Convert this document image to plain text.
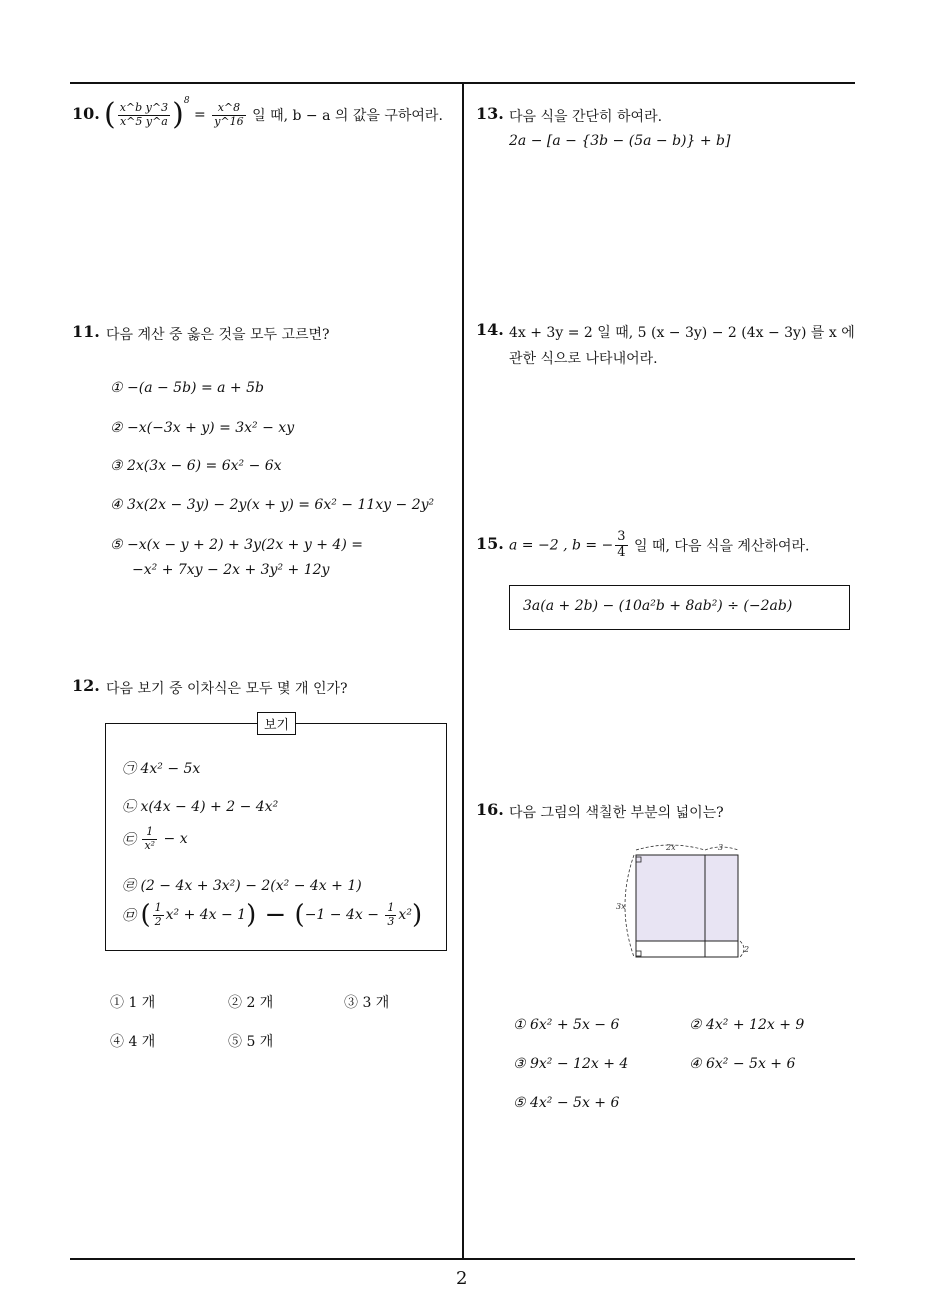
2
10. ( $\frac{\text{x\textasciicircum{}b y\textasciicircum{}3}}{x\^{}5 y\^{}a} )^8 = \frac{x\^{}8}{y\^{}16}$ 일 때, b − a 의 값을 구하여라.
11. 다음 계산 중 옳은 것을 모두 고르면?
① −(a − 5b) = a + 5b
② −x(−3x + y) = 3x² − xy
③ 2x(3x − 6) = 6x² − 6x
④ 3x(2x − 3y) − 2y(x + y) = 6x² − 11xy − 2y²
⑤ −x(x − y + 2) + 3y(2x + y + 4) =
−x² + 7xy − 2x + 3y² + 12y
12. 다음 보기 중 이차식은 모두 몇 개 인가?
보기
㉠ 4x² − 5x
㉡ x(4x − 4) + 2 − 4x²
㉢ $\frac{1}{\text{x²}} - x$
㉣ (2 − 4x + 3x²) − 2(x² − 4x + 1)
㉤ ( $\frac{1}{2} x^2 + 4x - 1) - (-1 - 4x - \frac{1}{3} x^2)$
① 1 개	② 2 개	③ 3 개
④ 4 개	⑤ 5 개
13. 다음 식을 간단히 하여라.
2a − [a − {3b − (5a − b)} + b]
14. 4x + 3y = 2 일 때, 5 (x − 3y) − 2 (4x − 3y) 를 x 에
관한 식으로 나타내어라.
15. a = −2 , b = − $\frac{3}{4}$ 일 때, 다음 식을 계산하여라.
3a(a + 2b) − (10a²b + 8ab²) ÷ (−2ab)
16. 다음 그림의 색칠한 부분의 넓이는?
2x	3
3x
2
① 6x² + 5x − 6	② 4x² + 12x + 9
③ 9x² − 12x + 4	④ 6x² − 5x + 6
⑤ 4x² − 5x + 6
